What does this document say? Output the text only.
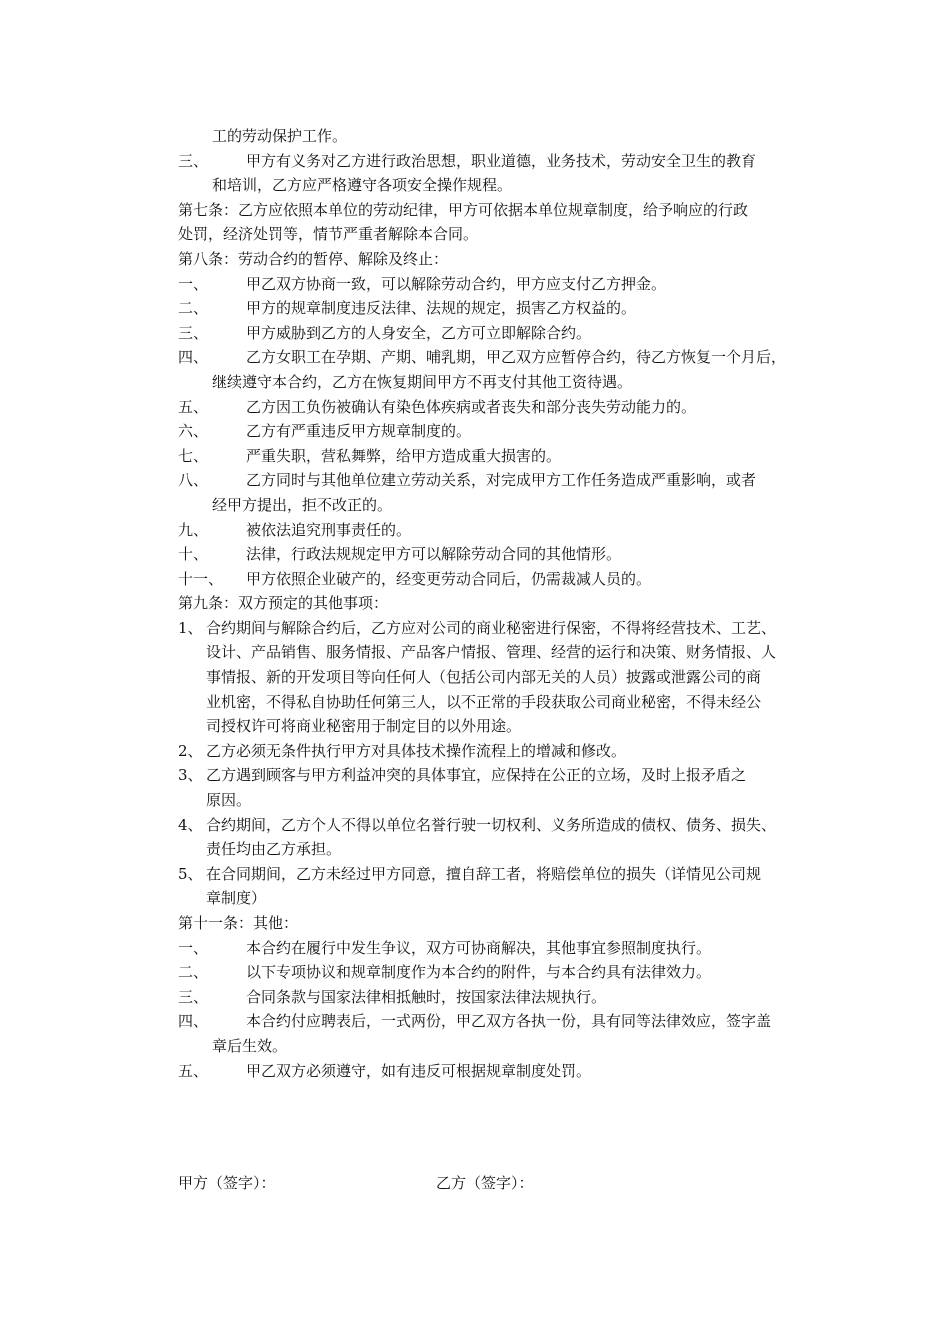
工的劳动保护工作。
三、	甲方有义务对乙方进行政治思想，职业道德，业务技术，劳动安全卫生的教育
和培训，乙方应严格遵守各项安全操作规程。
第七条：乙方应依照本单位的劳动纪律，甲方可依据本单位规章制度，给予响应的行政
处罚，经济处罚等，情节严重者解除本合同。
第八条：劳动合约的暂停、解除及终止：
一、	甲乙双方协商一致，可以解除劳动合约，甲方应支付乙方押金。
二、	甲方的规章制度违反法律、法规的规定，损害乙方权益的。
三、	甲方威胁到乙方的人身安全，乙方可立即解除合约。
四、	乙方女职工在孕期、产期、哺乳期，甲乙双方应暂停合约，待乙方恢复一个月后，
继续遵守本合约，乙方在恢复期间甲方不再支付其他工资待遇。
五、	乙方因工负伤被确认有染色体疾病或者丧失和部分丧失劳动能力的。
六、	乙方有严重违反甲方规章制度的。
七、	严重失职，营私舞弊，给甲方造成重大损害的。
八、	乙方同时与其他单位建立劳动关系，对完成甲方工作任务造成严重影响，或者
经甲方提出，拒不改正的。
九、	被依法追究刑事责任的。
十、	法律，行政法规规定甲方可以解除劳动合同的其他情形。
十一、	甲方依照企业破产的，经变更劳动合同后，仍需裁减人员的。
第九条：双方预定的其他事项：
1、 合约期间与解除合约后，乙方应对公司的商业秘密进行保密，不得将经营技术、工艺、
设计、产品销售、服务情报、产品客户情报、管理、经营的运行和决策、财务情报、人
事情报、新的开发项目等向任何人（包括公司内部无关的人员）披露或泄露公司的商
业机密，不得私自协助任何第三人，以不正常的手段获取公司商业秘密，不得未经公
司授权许可将商业秘密用于制定目的以外用途。
2、 乙方必须无条件执行甲方对具体技术操作流程上的增减和修改。
3、 乙方遇到顾客与甲方利益冲突的具体事宜，应保持在公正的立场，及时上报矛盾之
原因。
4、 合约期间，乙方个人不得以单位名誉行驶一切权利、义务所造成的债权、债务、损失、
责任均由乙方承担。
5、 在合同期间，乙方未经过甲方同意，擅自辞工者，将赔偿单位的损失（详情见公司规
章制度）
第十一条：其他：
一、	本合约在履行中发生争议，双方可协商解决，其他事宜参照制度执行。
二、	以下专项协议和规章制度作为本合约的附件，与本合约具有法律效力。
三、	合同条款与国家法律相抵触时，按国家法律法规执行。
四、	本合约付应聘表后，一式两份，甲乙双方各执一份，具有同等法律效应，签字盖
章后生效。
五、	甲乙双方必须遵守，如有违反可根据规章制度处罚。
甲方（签字）：	乙方（签字）：
